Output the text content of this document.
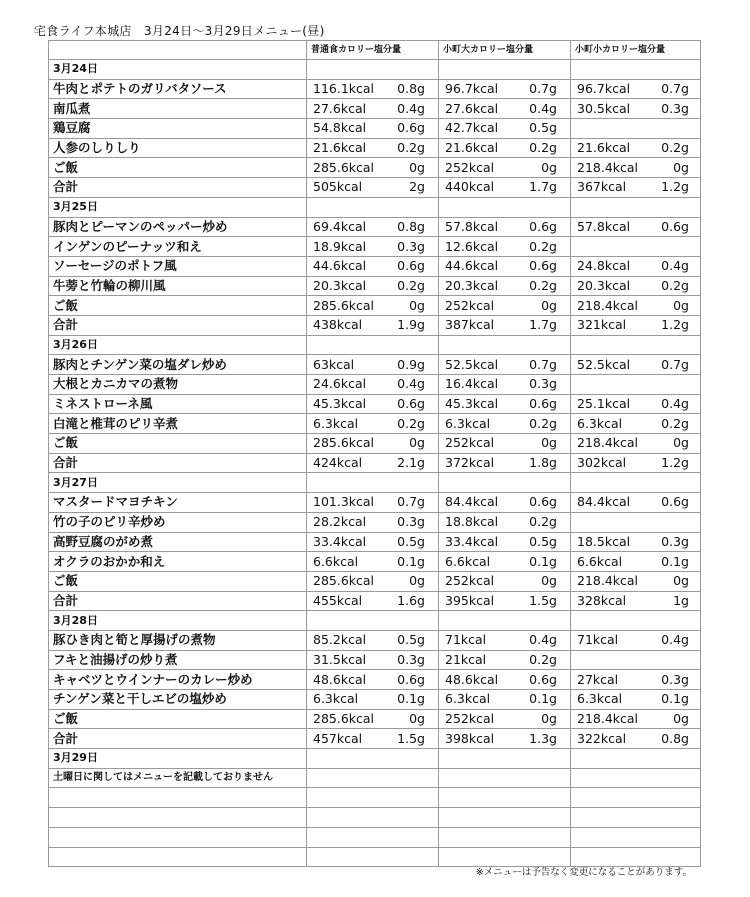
宅食ライフ本城店　3月24日〜3月29日メニュー(昼)
	普通食カロリー塩分量	小町大カロリー塩分量	小町小カロリー塩分量
3月24日			
牛肉とポテトのガリバタソース	116.1kcal 0.8g	96.7kcal 0.7g	96.7kcal 0.7g
南瓜煮	27.6kcal 0.4g	27.6kcal 0.4g	30.5kcal 0.3g
鶏豆腐	54.8kcal 0.6g	42.7kcal 0.5g	
人参のしりしり	21.6kcal 0.2g	21.6kcal 0.2g	21.6kcal 0.2g
ご飯	285.6kcal 0g	252kcal 0g	218.4kcal 0g
合計	505kcal 2g	440kcal 1.7g	367kcal 1.2g
3月25日			
豚肉とピーマンのペッパー炒め	69.4kcal 0.8g	57.8kcal 0.6g	57.8kcal 0.6g
インゲンのピーナッツ和え	18.9kcal 0.3g	12.6kcal 0.2g	
ソーセージのポトフ風	44.6kcal 0.6g	44.6kcal 0.6g	24.8kcal 0.4g
牛蒡と竹輪の柳川風	20.3kcal 0.2g	20.3kcal 0.2g	20.3kcal 0.2g
ご飯	285.6kcal 0g	252kcal 0g	218.4kcal 0g
合計	438kcal 1.9g	387kcal 1.7g	321kcal 1.2g
3月26日			
豚肉とチンゲン菜の塩ダレ炒め	63kcal 0.9g	52.5kcal 0.7g	52.5kcal 0.7g
大根とカニカマの煮物	24.6kcal 0.4g	16.4kcal 0.3g	
ミネストローネ風	45.3kcal 0.6g	45.3kcal 0.6g	25.1kcal 0.4g
白滝と椎茸のピリ辛煮	6.3kcal 0.2g	6.3kcal 0.2g	6.3kcal 0.2g
ご飯	285.6kcal 0g	252kcal 0g	218.4kcal 0g
合計	424kcal 2.1g	372kcal 1.8g	302kcal 1.2g
3月27日			
マスタードマヨチキン	101.3kcal 0.7g	84.4kcal 0.6g	84.4kcal 0.6g
竹の子のピリ辛炒め	28.2kcal 0.3g	18.8kcal 0.2g	
高野豆腐のがめ煮	33.4kcal 0.5g	33.4kcal 0.5g	18.5kcal 0.3g
オクラのおかか和え	6.6kcal 0.1g	6.6kcal 0.1g	6.6kcal 0.1g
ご飯	285.6kcal 0g	252kcal 0g	218.4kcal 0g
合計	455kcal 1.6g	395kcal 1.5g	328kcal 1g
3月28日			
豚ひき肉と筍と厚揚げの煮物	85.2kcal 0.5g	71kcal 0.4g	71kcal 0.4g
フキと油揚げの炒り煮	31.5kcal 0.3g	21kcal 0.2g	
キャベツとウインナーのカレー炒め	48.6kcal 0.6g	48.6kcal 0.6g	27kcal 0.3g
チンゲン菜と干しエビの塩炒め	6.3kcal 0.1g	6.3kcal 0.1g	6.3kcal 0.1g
ご飯	285.6kcal 0g	252kcal 0g	218.4kcal 0g
合計	457kcal 1.5g	398kcal 1.3g	322kcal 0.8g
3月29日			
土曜日に関してはメニューを記載しておりません			

※メニューは予告なく変更になることがあります。
